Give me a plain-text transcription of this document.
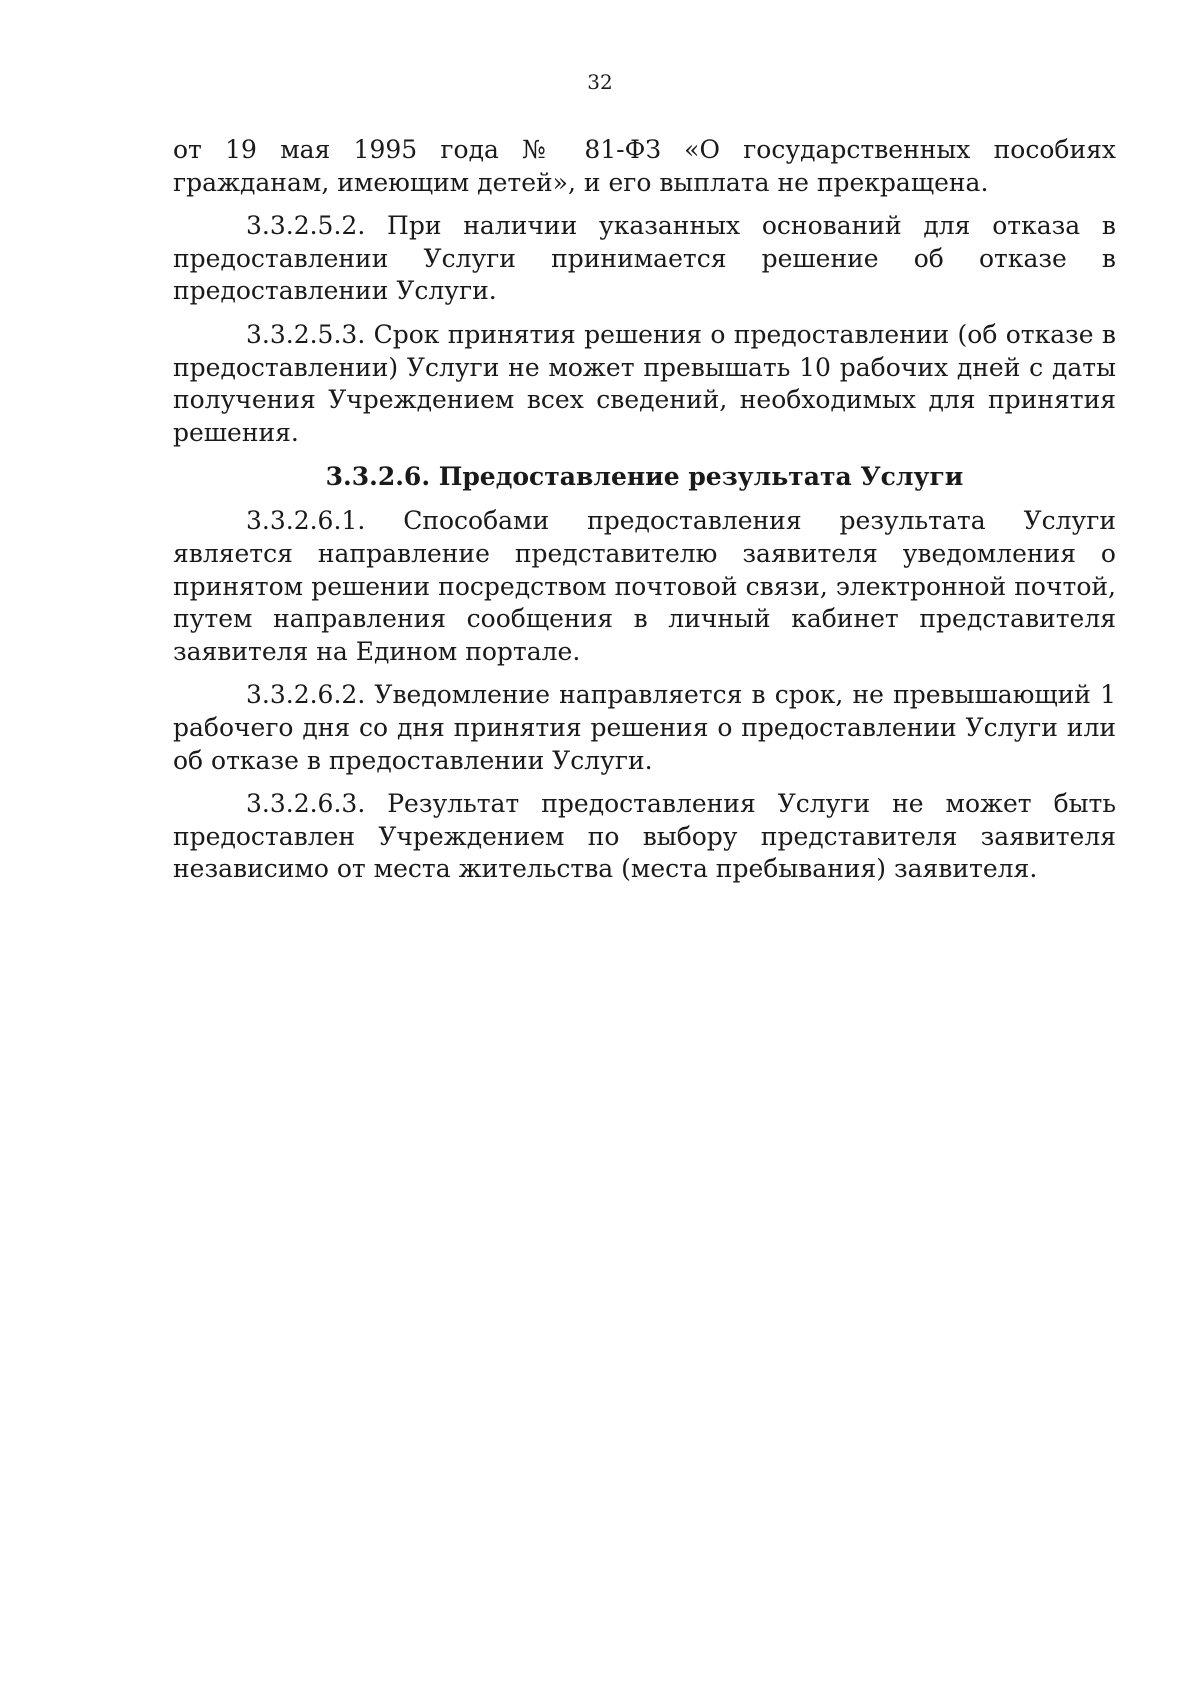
32

от 19 мая 1995 года № 81-ФЗ «О государственных пособиях гражданам, имеющим детей», и его выплата не прекращена.

3.3.2.5.2. При наличии указанных оснований для отказа в предоставлении Услуги принимается решение об отказе в предоставлении Услуги.

3.3.2.5.3. Срок принятия решения о предоставлении (об отказе в предоставлении) Услуги не может превышать 10 рабочих дней с даты получения Учреждением всех сведений, необходимых для принятия решения.

3.3.2.6. Предоставление результата Услуги

3.3.2.6.1. Способами предоставления результата Услуги является направление представителю заявителя уведомления о принятом решении посредством почтовой связи, электронной почтой, путем направления сообщения в личный кабинет представителя заявителя на Едином портале.

3.3.2.6.2. Уведомление направляется в срок, не превышающий 1 рабочего дня со дня принятия решения о предоставлении Услуги или об отказе в предоставлении Услуги.

3.3.2.6.3. Результат предоставления Услуги не может быть предоставлен Учреждением по выбору представителя заявителя независимо от места жительства (места пребывания) заявителя.
